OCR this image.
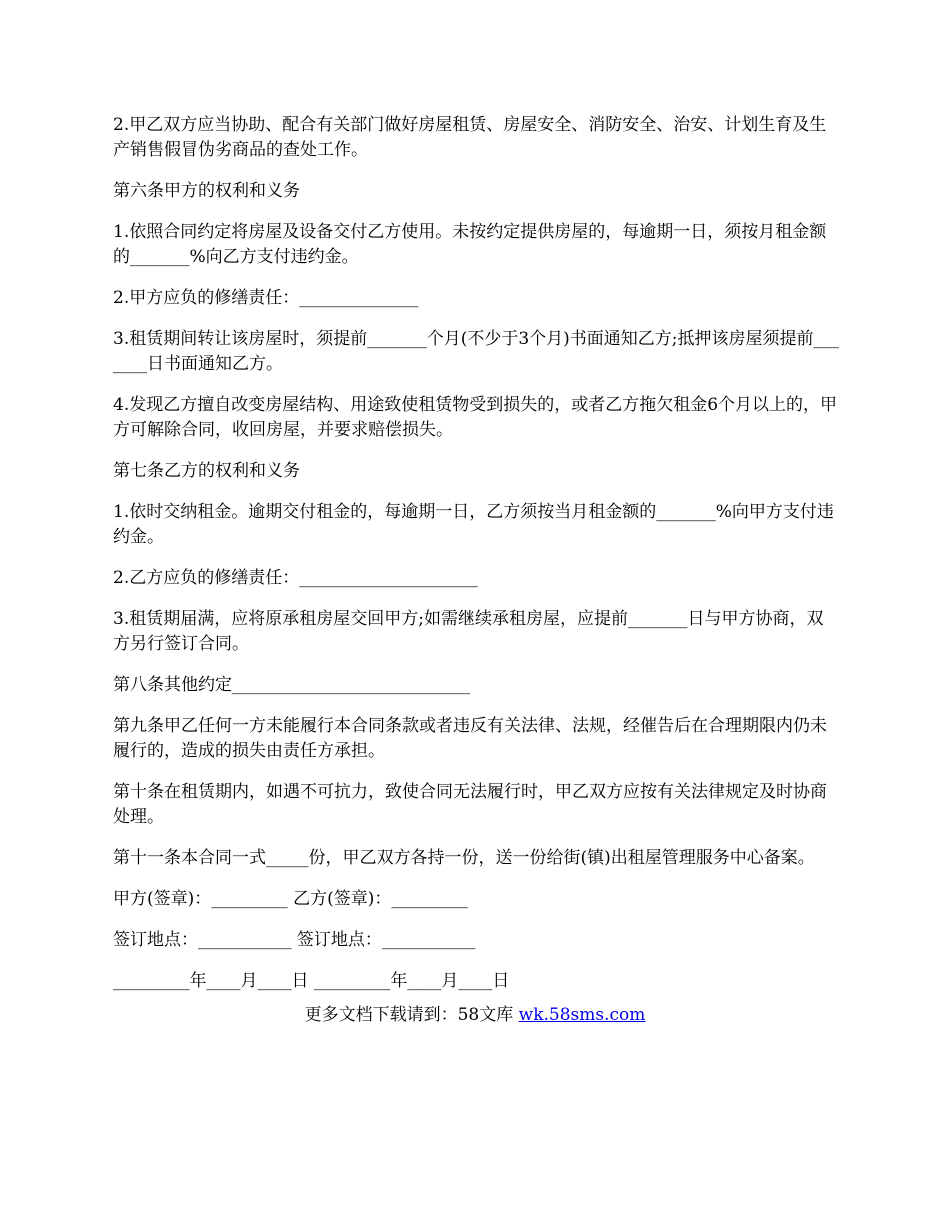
2.甲乙双方应当协助、配合有关部门做好房屋租赁、房屋安全、消防安全、治安、计划生育及生产销售假冒伪劣商品的查处工作。

第六条甲方的权利和义务

1.依照合同约定将房屋及设备交付乙方使用。未按约定提供房屋的，每逾期一日，须按月租金额的_______%向乙方支付违约金。

2.甲方应负的修缮责任：______________

3.租赁期间转让该房屋时，须提前_______个月(不少于3个月)书面通知乙方;抵押该房屋须提前_______日书面通知乙方。

4.发现乙方擅自改变房屋结构、用途致使租赁物受到损失的，或者乙方拖欠租金6个月以上的，甲方可解除合同，收回房屋，并要求赔偿损失。

第七条乙方的权利和义务

1.依时交纳租金。逾期交付租金的，每逾期一日，乙方须按当月租金额的_______%向甲方支付违约金。

2.乙方应负的修缮责任：_____________________

3.租赁期届满，应将原承租房屋交回甲方;如需继续承租房屋，应提前_______日与甲方协商，双方另行签订合同。

第八条其他约定____________________________

第九条甲乙任何一方未能履行本合同条款或者违反有关法律、法规，经催告后在合理期限内仍未履行的，造成的损失由责任方承担。

第十条在租赁期内，如遇不可抗力，致使合同无法履行时，甲乙双方应按有关法律规定及时协商处理。

第十一条本合同一式_____份，甲乙双方各持一份，送一份给街(镇)出租屋管理服务中心备案。

甲方(签章)：_________ 乙方(签章)：_________

签订地点：___________ 签订地点：___________

_________年____月____日 _________年____月____日

更多文档下载请到：58文库 wk.58sms.com
